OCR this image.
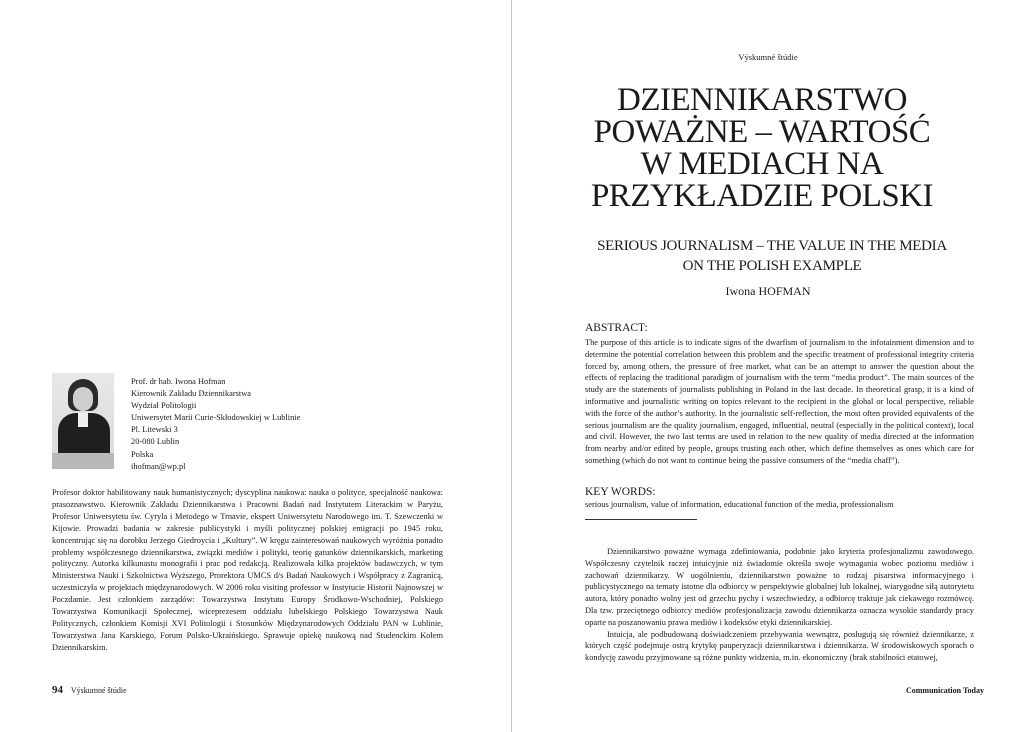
Prof. dr hab. Iwona Hofman
Kierownik Zakładu Dziennikarstwa
Wydział Politologii
Uniwersytet Marii Curie-Skłodowskiej w Lublinie
Pl. Litewski 3
20-080 Lublin
Polska
ihofman@wp.pl
Profesor doktor habilitowany nauk humanistycznych; dyscyplina naukowa: nauka o polityce, specjalność naukowa: prasoznawstwo. Kierownik Zakładu Dziennikarstwa i Pracowni Badań nad Instytutem Literackim w Paryżu, Profesor Uniwersytetu św. Cyryla i Metodego w Trnavie, ekspert Uniwersytetu Narodowego im. T. Szewczenki w Kijowie. Prowadzi badania w zakresie publicystyki i myśli politycznej polskiej emigracji po 1945 roku, koncentrując się na dorobku Jerzego Giedroycia i „Kultury”. W kręgu zainteresowań naukowych wyróżnia ponadto problemy współczesnego dziennikarstwa, związki mediów i polityki, teorię gatunków dziennikarskich, marketing polityczny. Autorka kilkunastu monografii i prac pod redakcją. Realizowała kilka projektów badawczych, w tym Ministerstwa Nauki i Szkolnictwa Wyższego, Prorektora UMCS d/s Badań Naukowych i Współpracy z Zagranicą, uczestniczyła w projektach międzynarodowych. W 2006 roku visiting professor w Instytucie Historii Najnowszej w Poczdamie. Jest członkiem zarządów: Towarzystwa Instytutu Europy Środkowo-Wschodniej, Polskiego Towarzystwa Komunikacji Społecznej, wiceprezesem oddziału lubelskiego Polskiego Towarzystwa Nauk Politycznych, członkiem Komisji XVI Politologii i Stosunków Międzynarodowych Oddziału PAN w Lublinie, Towarzystwa Jana Karskiego, Forum Polsko-Ukraińskiego. Sprawuje opiekę naukową nad Studenckim Kołem Dziennikarskim.
94 Výskumné štúdie
Výskumné štúdie
DZIENNIKARSTWO
POWAŻNE – WARTOŚĆ
W MEDIACH NA
PRZYKŁADZIE POLSKI
SERIOUS JOURNALISM – THE VALUE IN THE MEDIA
ON THE POLISH EXAMPLE
Iwona HOFMAN
ABSTRACT:
The purpose of this article is to indicate signs of the dwarfism of journalism to the infotainment dimension and to determine the potential correlation between this problem and the specific treatment of professional integrity criteria forced by, among others, the pressure of free market, what can be an attempt to answer the question about the effects of replacing the traditional paradigm of journalism with the term “media product”. The main sources of the study are the statements of journalists publishing in Poland in the last decade. In theoretical grasp, it is a kind of informative and journalistic writing on topics relevant to the recipient in the global or local perspective, reliable with the force of the author’s authority. In the journalistic self-reflection, the most often provided equivalents of the serious journalism are the quality journalism, engaged, influential, neutral (especially in the political context), local and civil. However, the two last terms are used in relation to the new quality of media directed at the information from nearby and/or edited by people, groups trusting each other, which define themselves as ones which care for something (which do not want to continue being the passive consumers of the “media chaff”).
KEY WORDS:
serious journalism, value of information, educational function of the media, professionalism

Dziennikarstwo poważne wymaga zdefiniowania, podobnie jako kryteria profesjonalizmu zawodowego. Współczesny czytelnik raczej intuicyjnie niż świadomie określa swoje wymagania wobec poziomu mediów i zachowań dziennikarzy. W uogólnieniu, dziennikarstwo poważne to rodzaj pisarstwa informacyjnego i publicystycznego na tematy istotne dla odbiorcy w perspektywie globalnej lub lokalnej, wiarygodne siłą autorytetu autora, który ponadto wolny jest od grzechu pychy i wszechwiedzy, a odbiorcę traktuje jak ciekawego rozmówcę. Dla tzw. przeciętnego odbiorcy mediów profesjonalizacja zawodu dziennikarza oznacza wysokie standardy pracy oparte na poszanowaniu prawa mediów i kodeksów etyki dziennikarskiej.

Intuicja, ale podbudowaną doświadczeniem przebywania wewnątrz, posługują się również dziennikarze, z których część podejmuje ostrą krytykę pauperyzacji dziennikarstwa i dziennikarza. W środowiskowych sporach o kondycję zawodu przyjmowane są różne punkty widzenia, m.in. ekonomiczny (brak stabilności etatowej,

Communication Today
